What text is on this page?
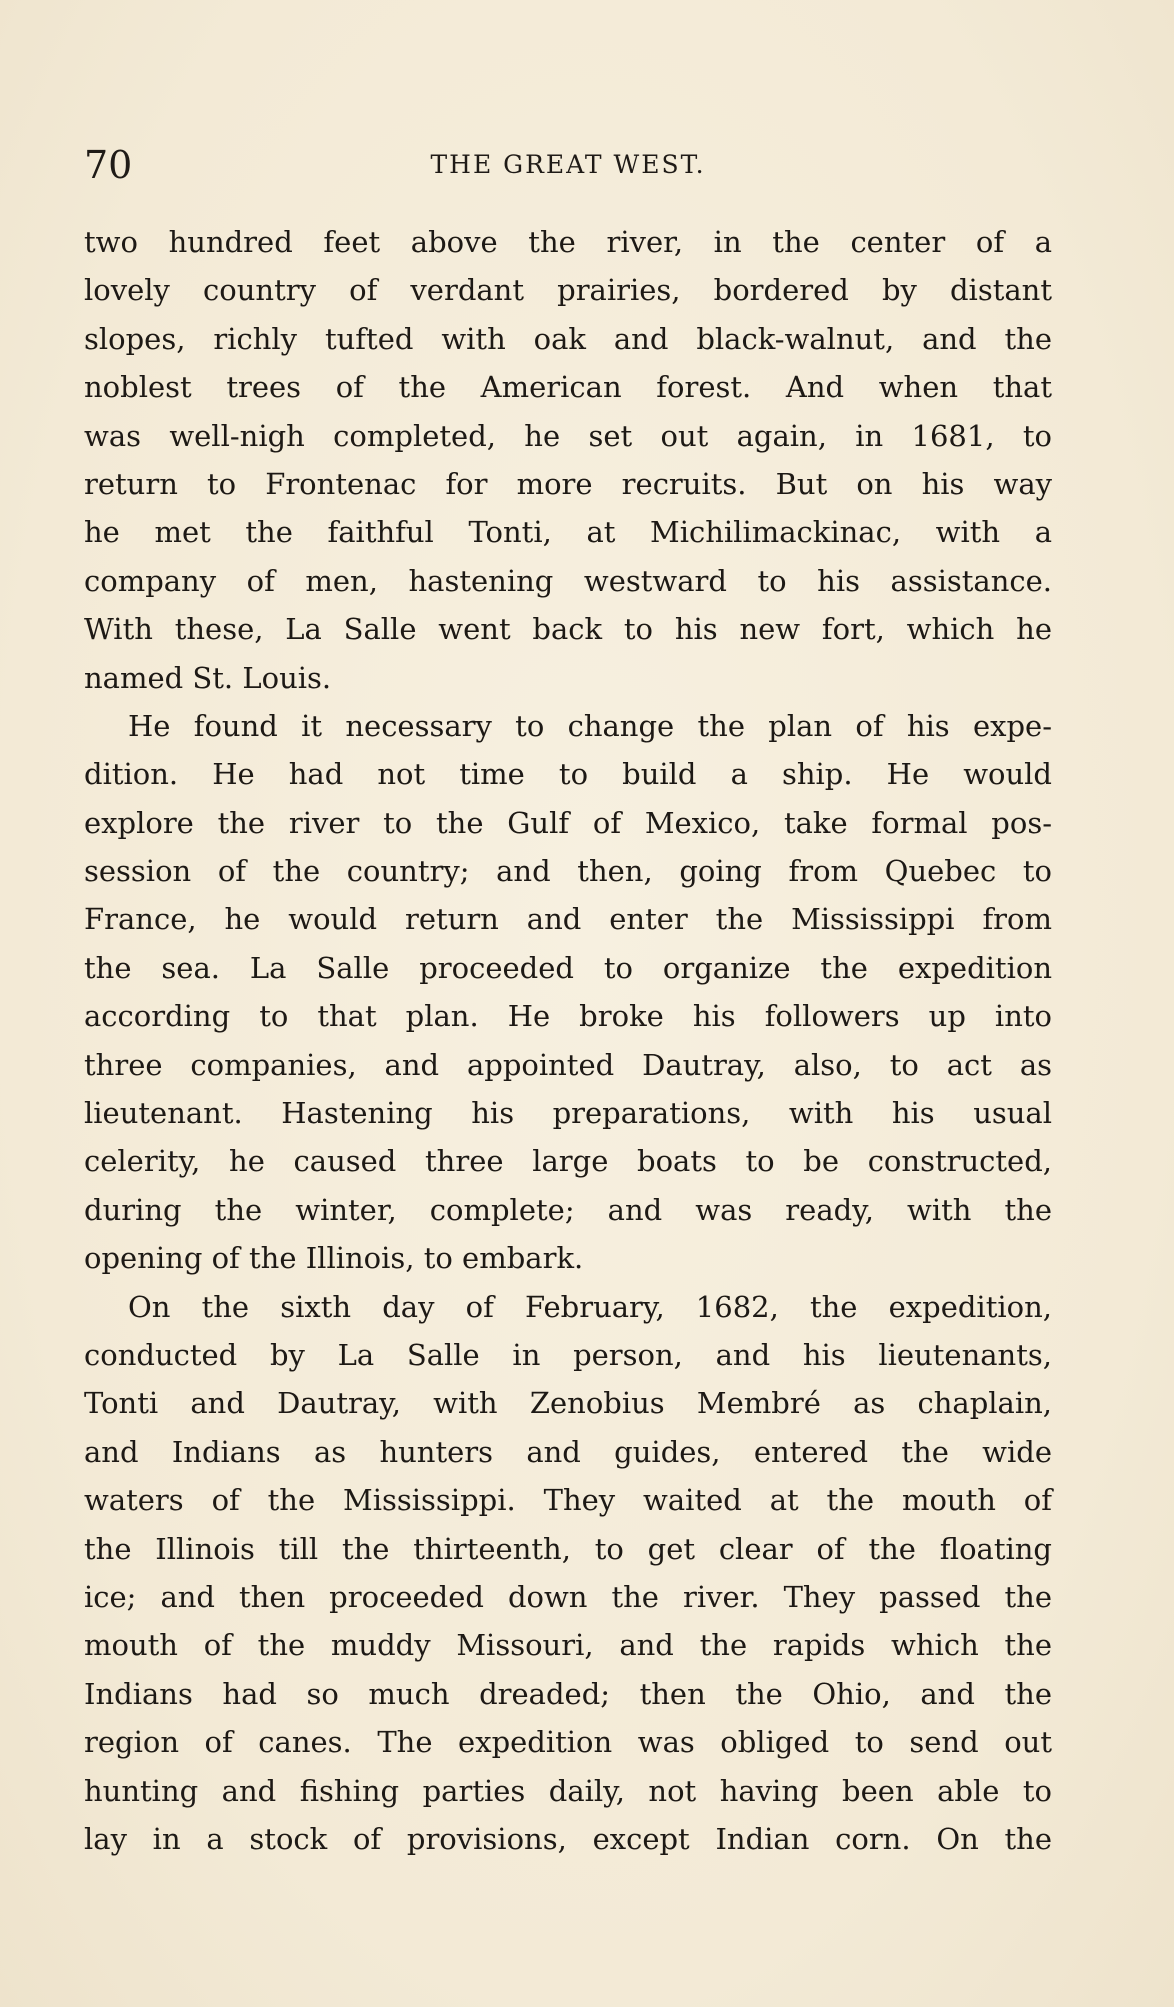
70	THE GREAT WEST.
two hundred feet above the river, in the center of a
lovely country of verdant prairies, bordered by distant
slopes, richly tufted with oak and black-walnut, and the
noblest trees of the American forest. And when that
was well-nigh completed, he set out again, in 1681, to
return to Frontenac for more recruits. But on his way
he met the faithful Tonti, at Michilimackinac, with a
company of men, hastening westward to his assistance.
With these, La Salle went back to his new fort, which he
named St. Louis.
He found it necessary to change the plan of his expe-
dition. He had not time to build a ship. He would
explore the river to the Gulf of Mexico, take formal pos-
session of the country; and then, going from Quebec to
France, he would return and enter the Mississippi from
the sea. La Salle proceeded to organize the expedition
according to that plan. He broke his followers up into
three companies, and appointed Dautray, also, to act as
lieutenant. Hastening his preparations, with his usual
celerity, he caused three large boats to be constructed,
during the winter, complete; and was ready, with the
opening of the Illinois, to embark.
On the sixth day of February, 1682, the expedition,
conducted by La Salle in person, and his lieutenants,
Tonti and Dautray, with Zenobius Membré as chaplain,
and Indians as hunters and guides, entered the wide
waters of the Mississippi. They waited at the mouth of
the Illinois till the thirteenth, to get clear of the floating
ice; and then proceeded down the river. They passed the
mouth of the muddy Missouri, and the rapids which the
Indians had so much dreaded; then the Ohio, and the
region of canes. The expedition was obliged to send out
hunting and fishing parties daily, not having been able to
lay in a stock of provisions, except Indian corn. On the
